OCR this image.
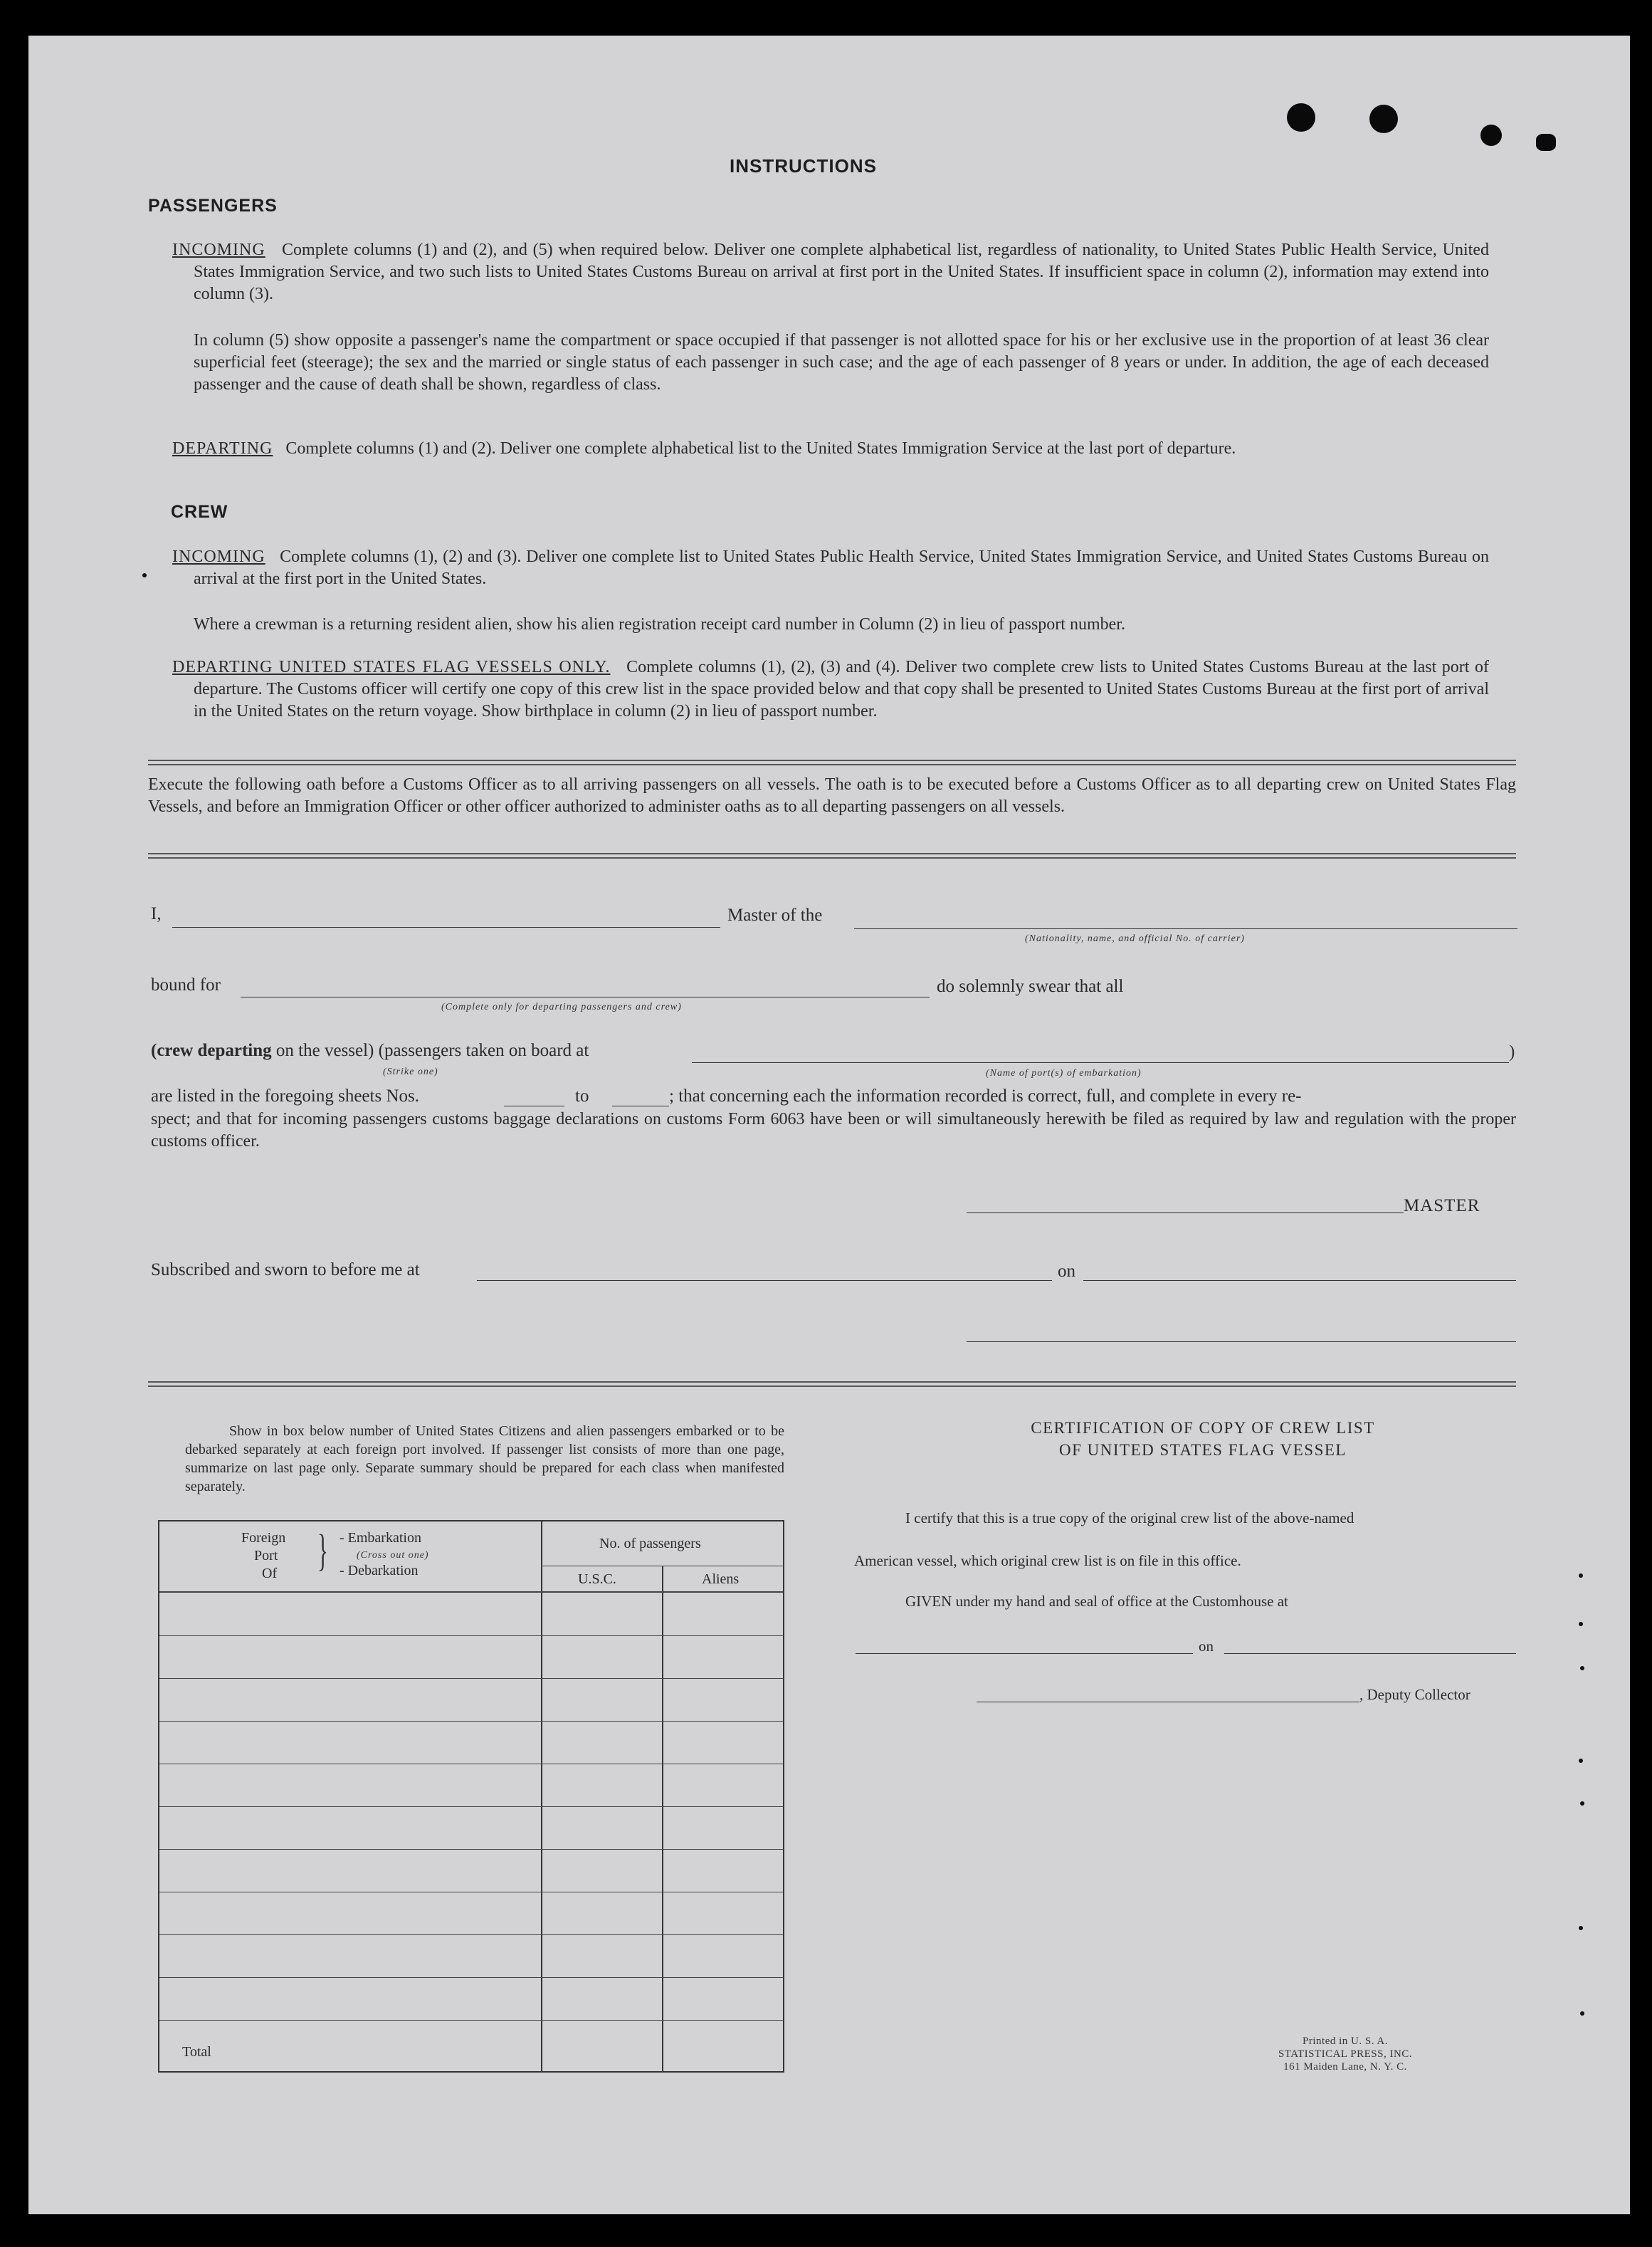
INSTRUCTIONS
PASSENGERS
INCOMING Complete columns (1) and (2), and (5) when required below. Deliver one complete alphabetical list, regardless of nationality, to United States Public Health Service, United States Immigration Service, and two such lists to United States Customs Bureau on arrival at first port in the United States. If insufficient space in column (2), information may extend into column (3).
In column (5) show opposite a passenger's name the compartment or space occupied if that passenger is not allotted space for his or her exclusive use in the proportion of at least 36 clear superficial feet (steerage); the sex and the married or single status of each passenger in such case; and the age of each passenger of 8 years or under. In addition, the age of each deceased passenger and the cause of death shall be shown, regardless of class.
DEPARTING Complete columns (1) and (2). Deliver one complete alphabetical list to the United States Immigration Service at the last port of departure.
CREW
INCOMING Complete columns (1), (2) and (3). Deliver one complete list to United States Public Health Service, United States Immigration Service, and United States Customs Bureau on arrival at the first port in the United States.
Where a crewman is a returning resident alien, show his alien registration receipt card number in Column (2) in lieu of passport number.
DEPARTING UNITED STATES FLAG VESSELS ONLY. Complete columns (1), (2), (3) and (4). Deliver two complete crew lists to United States Customs Bureau at the last port of departure. The Customs officer will certify one copy of this crew list in the space provided below and that copy shall be presented to United States Customs Bureau at the first port of arrival in the United States on the return voyage. Show birthplace in column (2) in lieu of passport number.
Execute the following oath before a Customs Officer as to all arriving passengers on all vessels. The oath is to be executed before a Customs Officer as to all departing crew on United States Flag Vessels, and before an Immigration Officer or other officer authorized to administer oaths as to all departing passengers on all vessels.
I,	Master of the
(Nationality, name, and official No. of carrier)
bound for
(Complete only for departing passengers and crew)
do solemnly swear that all
(crew departing on the vessel) (passengers taken on board at
(Strike one)	(Name of port(s) of embarkation)
)
are listed in the foregoing sheets Nos.	to	; that concerning each the information recorded is correct, full, and complete in every re-
spect; and that for incoming passengers customs baggage declarations on customs Form 6063 have been or will simultaneously herewith be filed as required by law and regulation with the proper customs officer.
MASTER
Subscribed and sworn to before me at	on
Show in box below number of United States Citizens and alien passengers embarked or to be debarked separately at each foreign port involved. If passenger list consists of more than one page, summarize on last page only. Separate summary should be prepared for each class when manifested separately.
Foreign
Port
Of } - Embarkation
(Cross out one)
- Debarkation
No. of passengers
U.S.C.	Aliens
Total
CERTIFICATION OF COPY OF CREW LIST
OF UNITED STATES FLAG VESSEL
I certify that this is a true copy of the original crew list of the above-named
American vessel, which original crew list is on file in this office.
GIVEN under my hand and seal of office at the Customhouse at
on
, Deputy Collector
Printed in U. S. A.
STATISTICAL PRESS, INC.
161 Maiden Lane, N. Y. C.
